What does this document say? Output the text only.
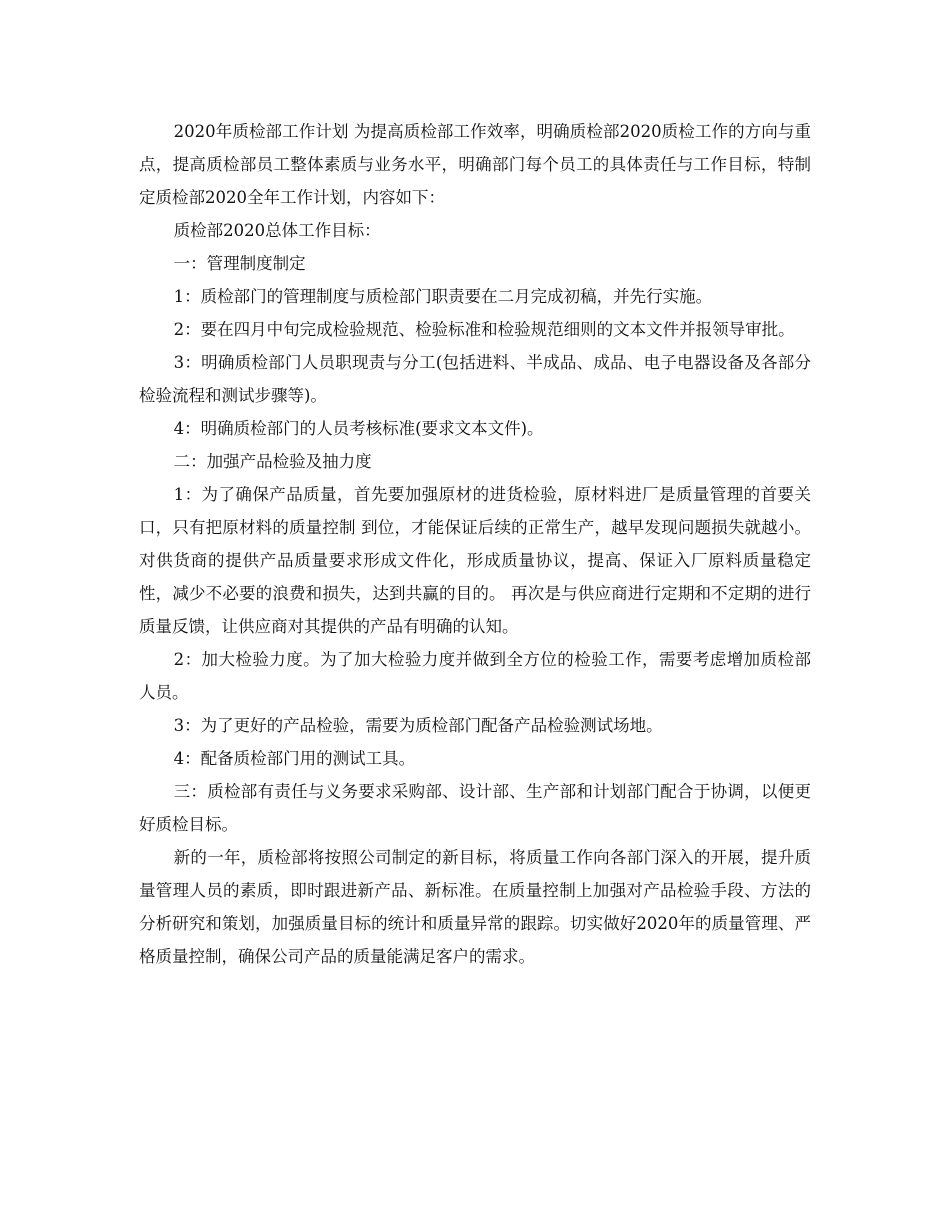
2020年质检部工作计划 为提高质检部工作效率，明确质检部2020质检工作的方向与重点，提高质检部员工整体素质与业务水平，明确部门每个员工的具体责任与工作目标，特制定质检部2020全年工作计划，内容如下：

质检部2020总体工作目标：

一：管理制度制定

1：质检部门的管理制度与质检部门职责要在二月完成初稿，并先行实施。

2：要在四月中旬完成检验规范、检验标准和检验规范细则的文本文件并报领导审批。

3：明确质检部门人员职现责与分工(包括进料、半成品、成品、电子电器设备及各部分检验流程和测试步骤等)。

4：明确质检部门的人员考核标准(要求文本文件)。

二：加强产品检验及抽力度

1：为了确保产品质量，首先要加强原材的进货检验，原材料进厂是质量管理的首要关口，只有把原材料的质量控制 到位，才能保证后续的正常生产，越早发现问题损失就越小。对供货商的提供产品质量要求形成文件化，形成质量协议，提高、保证入厂原料质量稳定性，减少不必要的浪费和损失，达到共赢的目的。 再次是与供应商进行定期和不定期的进行质量反馈，让供应商对其提供的产品有明确的认知。

2：加大检验力度。为了加大检验力度并做到全方位的检验工作，需要考虑增加质检部人员。

3：为了更好的产品检验，需要为质检部门配备产品检验测试场地。

4：配备质检部门用的测试工具。

三：质检部有责任与义务要求采购部、设计部、生产部和计划部门配合于协调，以便更好质检目标。

新的一年，质检部将按照公司制定的新目标，将质量工作向各部门深入的开展，提升质量管理人员的素质，即时跟进新产品、新标准。在质量控制上加强对产品检验手段、方法的分析研究和策划，加强质量目标的统计和质量异常的跟踪。切实做好2020年的质量管理、严格质量控制，确保公司产品的质量能满足客户的需求。
